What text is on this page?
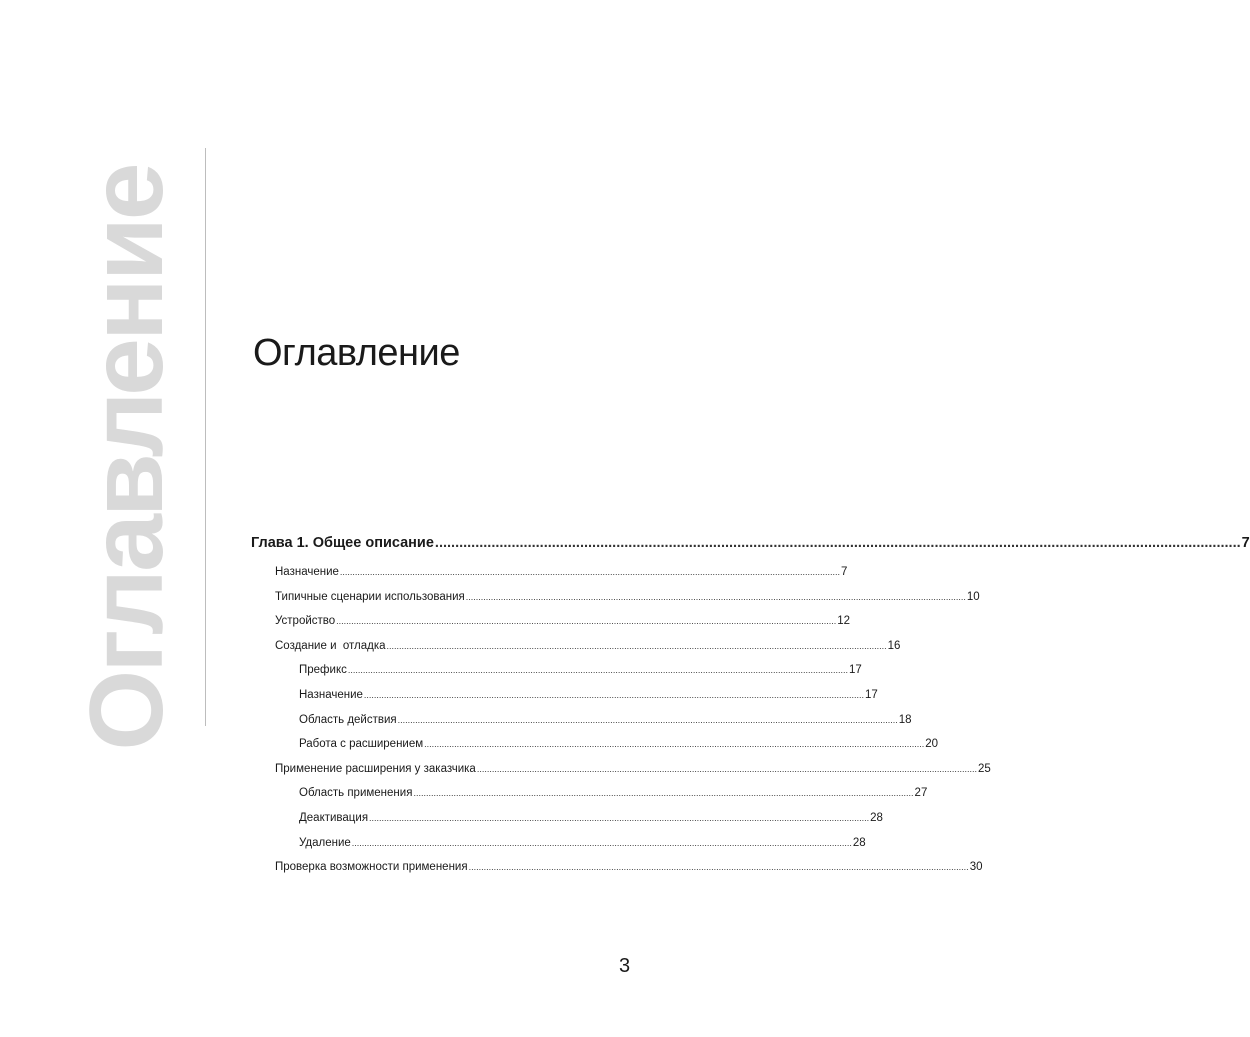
Оглавление Оглавление
Глава 1. Общее описание .....	7
Назначение .....	7
Типичные сценарии использования .....	10
Устройство .....	12
Создание и  отладка .....	16
Префикс .....	17
Назначение .....	17
Область действия .....	18
Работа с расширением .....	20
Применение расширения у заказчика .....	25
Область применения .....	27
Деактивация .....	28
Удаление .....	28
Проверка возможности применения .....	30
3
